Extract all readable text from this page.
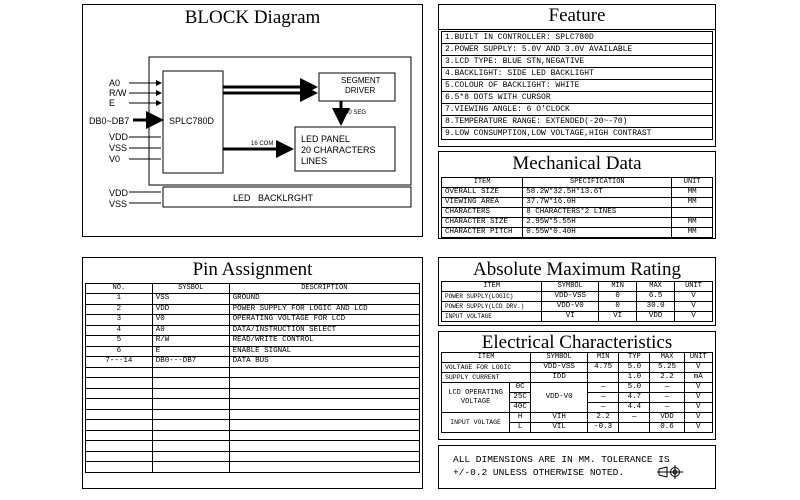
BLOCK Diagram
A0
R/W
E
DB0~DB7
VDD
VSS
V0
VDD
VSS
SPLC780D
SEGMENT
DRIVER
40 SEG
16 COM	LED PANEL
20 CHARACTERS
LINES
LED   BACKLRGHT
Feature
1.BUILT IN CONTROLLER: SPLC780D
2.POWER SUPPLY: 5.0V AND 3.0V AVAILABLE
3.LCD TYPE: BLUE STN,NEGATIVE
4.BACKLIGHT: SIDE LED BACKLIGHT
5.COLOUR OF BACKLIGHT: WHITE
6.5*8 DOTS WITH CURSOR
7.VIEWING ANGLE: 6 O'CLOCK
8.TEMPERATURE RANGE: EXTENDED(-20~-70)
9.LOW CONSUMPTION,LOW VOLTAGE,HIGH CONTRAST
Mechanical Data
ITEM	SPECIFICATION	UNIT
OVERALL SIZE	58.2W*32.5H*13.6T	MM
VIEWING AREA	37.7W*16.0H	MM
CHARACTERS	8 CHARACTERS*2 LINES	
CHARACTER SIZE	2.95W*5.55H	MM
CHARACTER PITCH	0.55W*0.40H	MM
Pin Assignment
NO.	SYSBOL	DESCRIPTION
1	VSS	GROUND
2	VDD	POWER SUPPLY FOR LOGIC AND LCD
3	V0	OPERATING VOLTAGE FOR LCD
4	A0	DATA/INSTRUCTION SELECT
5	R/W	READ/WRITE CONTROL
6	E	ENABLE SIGNAL
7---14	DB0---DB7	DATA BUS

Absolute Maximum Rating
ITEM	SYMBOL	MIN	MAX	UNIT
POWER SUPPLY(LOGIC)	VDD-VSS	0	6.5	V
POWER SUPPLY(LCD DRV.)	VDD-V0	0	30.0	V
INPUT VOLTAGE	VI	VI	VDD	V
Electrical Characteristics
ITEM		SYMBOL	MIN	TYP	MAX	UNIT
VOLTAGE FOR LOGIC		VDD-VSS	4.75	5.0	5.25	V
SUPPLY CURRENT		IDD		1.0	2.2	mA
LCD OPERATING VOLTAGE	0C	VDD-V0	—	5.0	—	V
	25C		—	4.7	—	V
	40C		—	4.4	—	V
INPUT VOLTAGE	H	VIH	2.2	—	VDD	V
	L	VIL	-0.3		0.6	V
ALL DIMENSIONS ARE IN MM. TOLERANCE IS
+/-0.2 UNLESS OTHERWISE NOTED.
